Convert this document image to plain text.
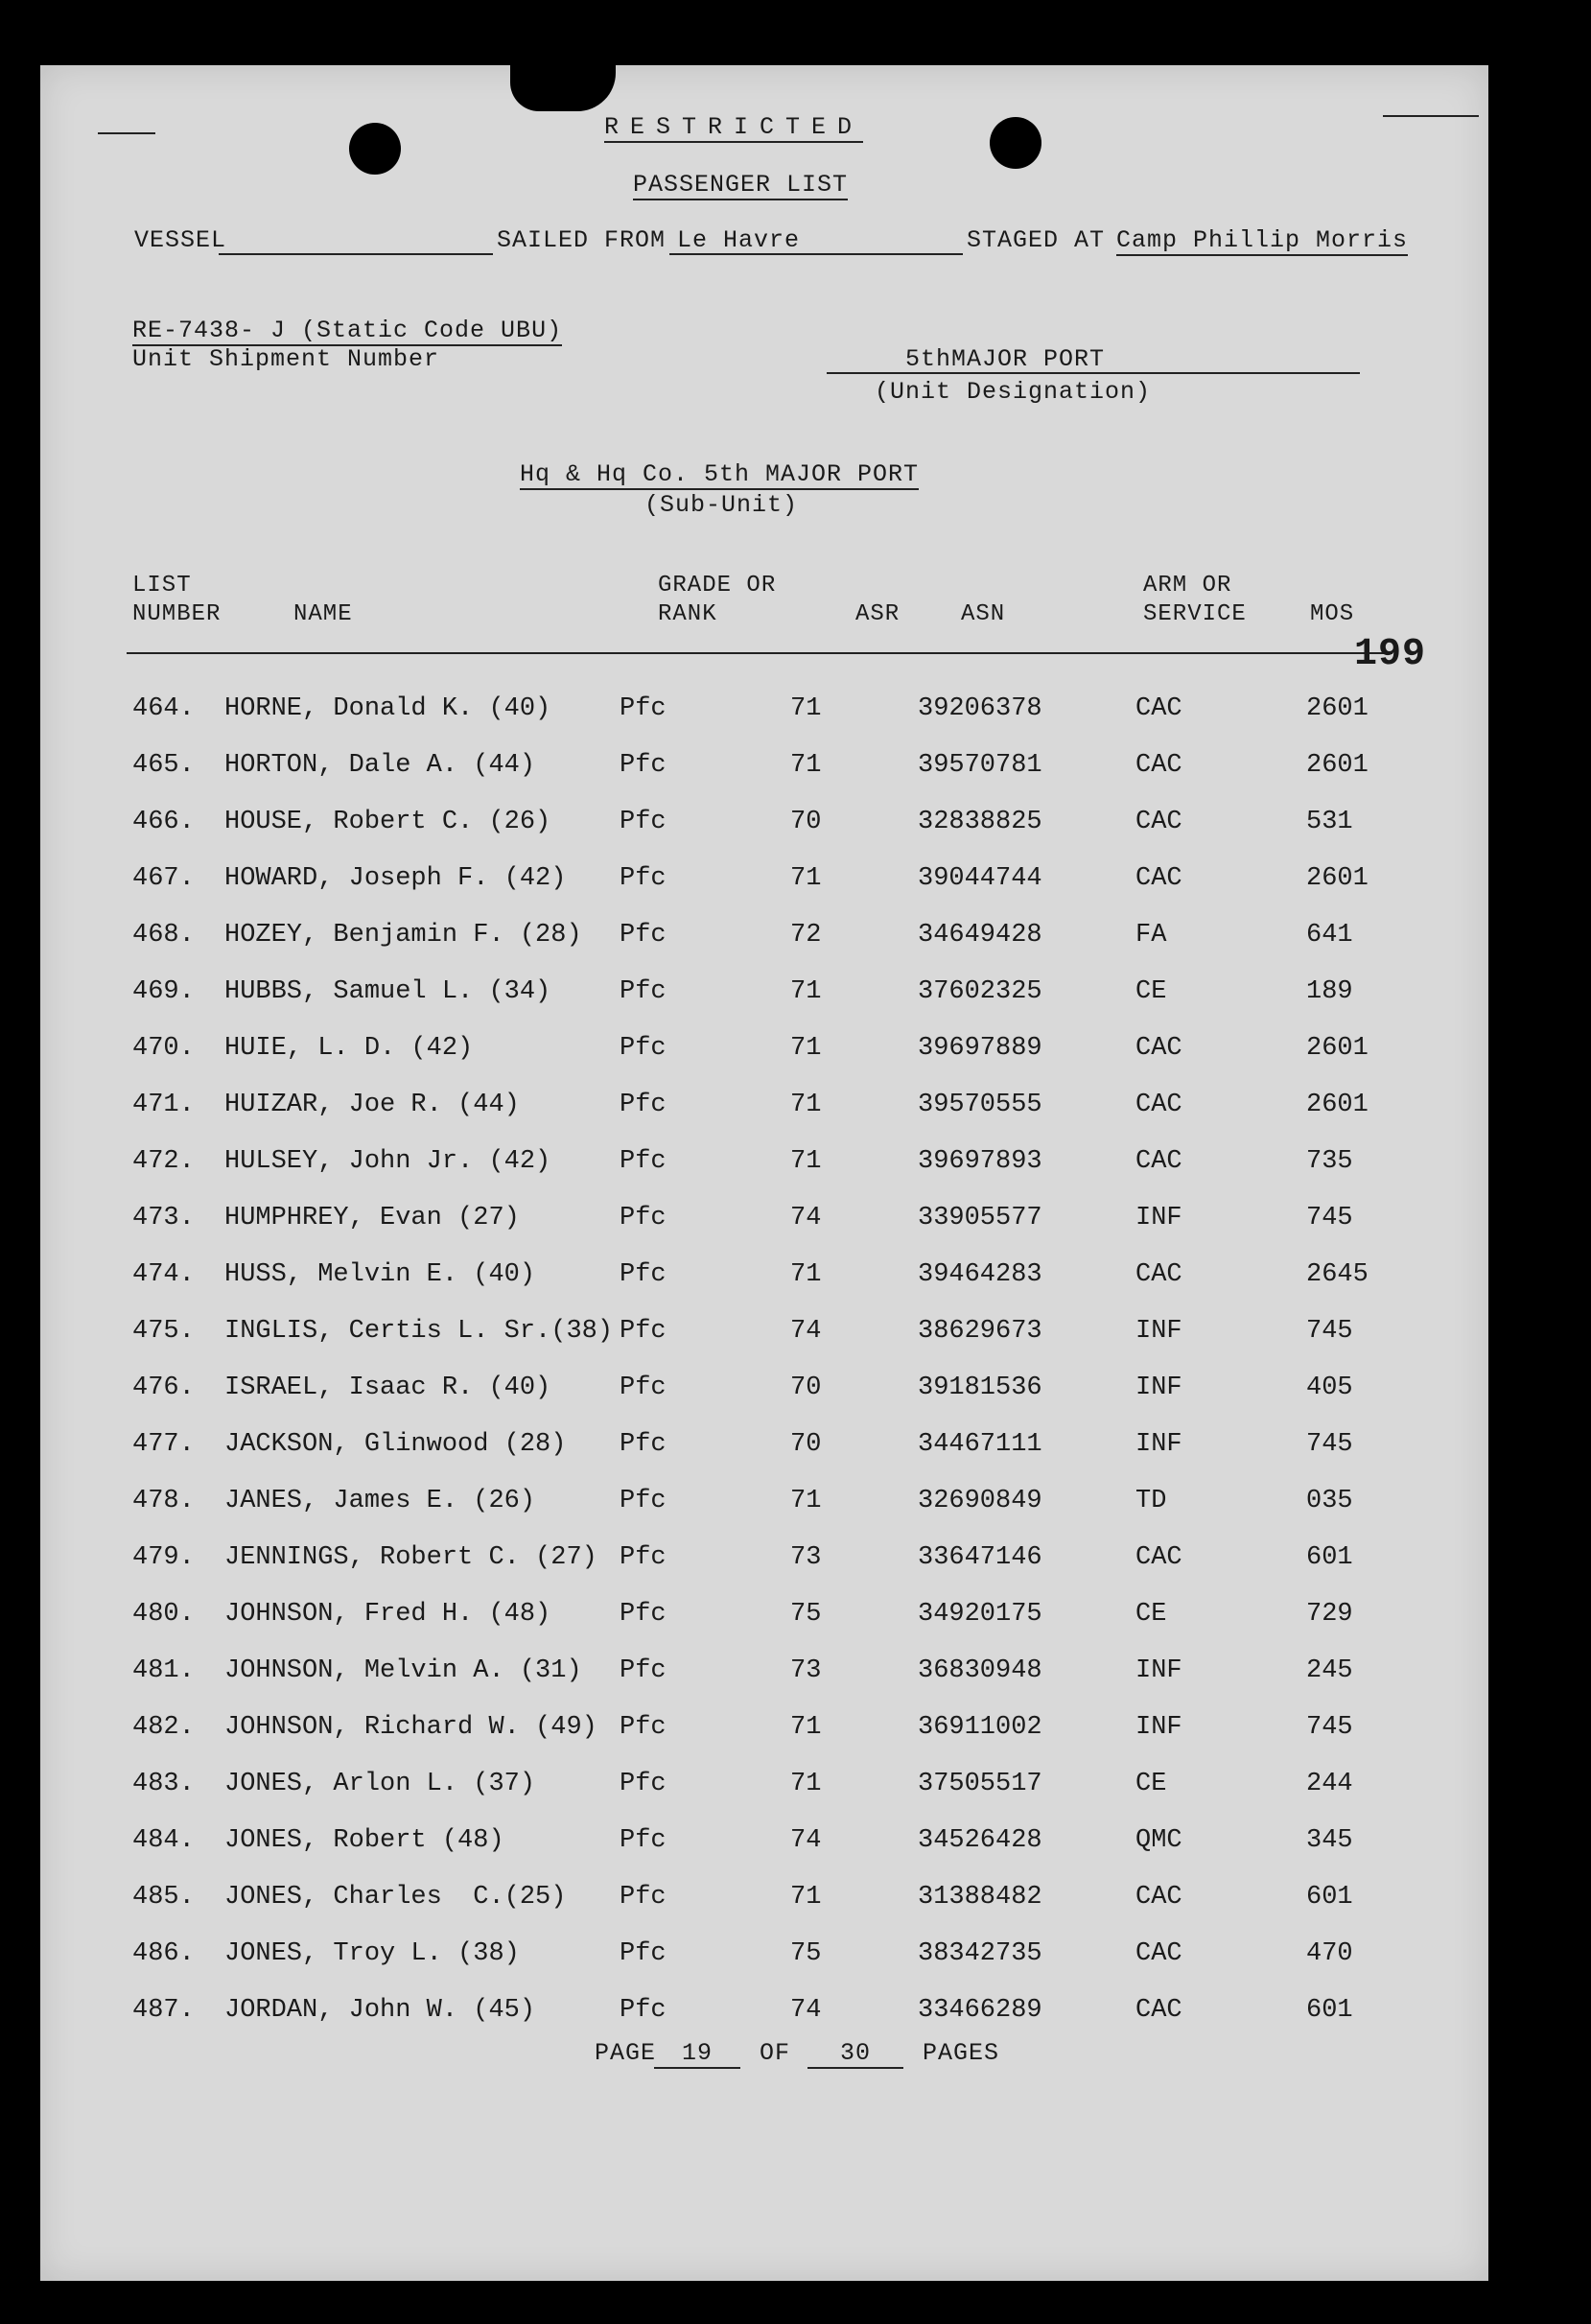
RESTRICTED
PASSENGER LIST
VESSEL	SAILED FROM Le Havre	STAGED AT Camp Phillip Morris
RE-7438- J (Static Code UBU)
Unit Shipment Number	5thMAJOR PORT
(Unit Designation)
Hq & Hq Co. 5th MAJOR PORT
(Sub-Unit)
LIST
NUMBER	NAME
GRADE OR
RANK	ASR	ASN
ARM OR
SERVICE	MOS
199
464. HORNE, Donald K. (40)	Pfc	71	39206378	CAC	2601
465. HORTON, Dale A. (44)	Pfc	71	39570781	CAC	2601
466. HOUSE, Robert C. (26)	Pfc	70	32838825	CAC	531
467. HOWARD, Joseph F. (42) Pfc	71	39044744	CAC	2601
468. HOZEY, Benjamin F. (28) Pfc	72	34649428	FA	641
469. HUBBS, Samuel L. (34)	Pfc	71	37602325	CE	189
470. HUIE, L. D. (42)	Pfc	71	39697889	CAC	2601
471. HUIZAR, Joe R. (44)	Pfc	71	39570555	CAC	2601
472. HULSEY, John Jr. (42)	Pfc	71	39697893	CAC	735
473. HUMPHREY, Evan (27)	Pfc	74	33905577	INF	745
474. HUSS, Melvin E. (40)	Pfc	71	39464283	CAC	2645
475. INGLIS, Certis L. Sr.(38) Pfc	74	38629673	INF	745
476. ISRAEL, Isaac R. (40)	Pfc	70	39181536	INF	405
477. JACKSON, Glinwood (28) Pfc	70	34467111	INF	745
478. JANES, James E. (26)	Pfc	71	32690849	TD	035
479. JENNINGS, Robert C. (27) Pfc	73	33647146	CAC	601
480. JOHNSON, Fred H. (48)	Pfc	75	34920175	CE	729
481. JOHNSON, Melvin A. (31) Pfc	73	36830948	INF	245
482. JOHNSON, Richard W. (49) Pfc	71	36911002	INF	745
483. JONES, Arlon L. (37)	Pfc	71	37505517	CE	244
484. JONES, Robert (48)	Pfc	74	34526428	QMC	345
485. JONES, Charles  C.(25) Pfc	71	31388482	CAC	601
486. JONES, Troy L. (38)	Pfc	75	38342735	CAC	470
487. JORDAN, John W. (45)	Pfc	74	33466289	CAC	601
PAGE	19	OF	30	PAGES
